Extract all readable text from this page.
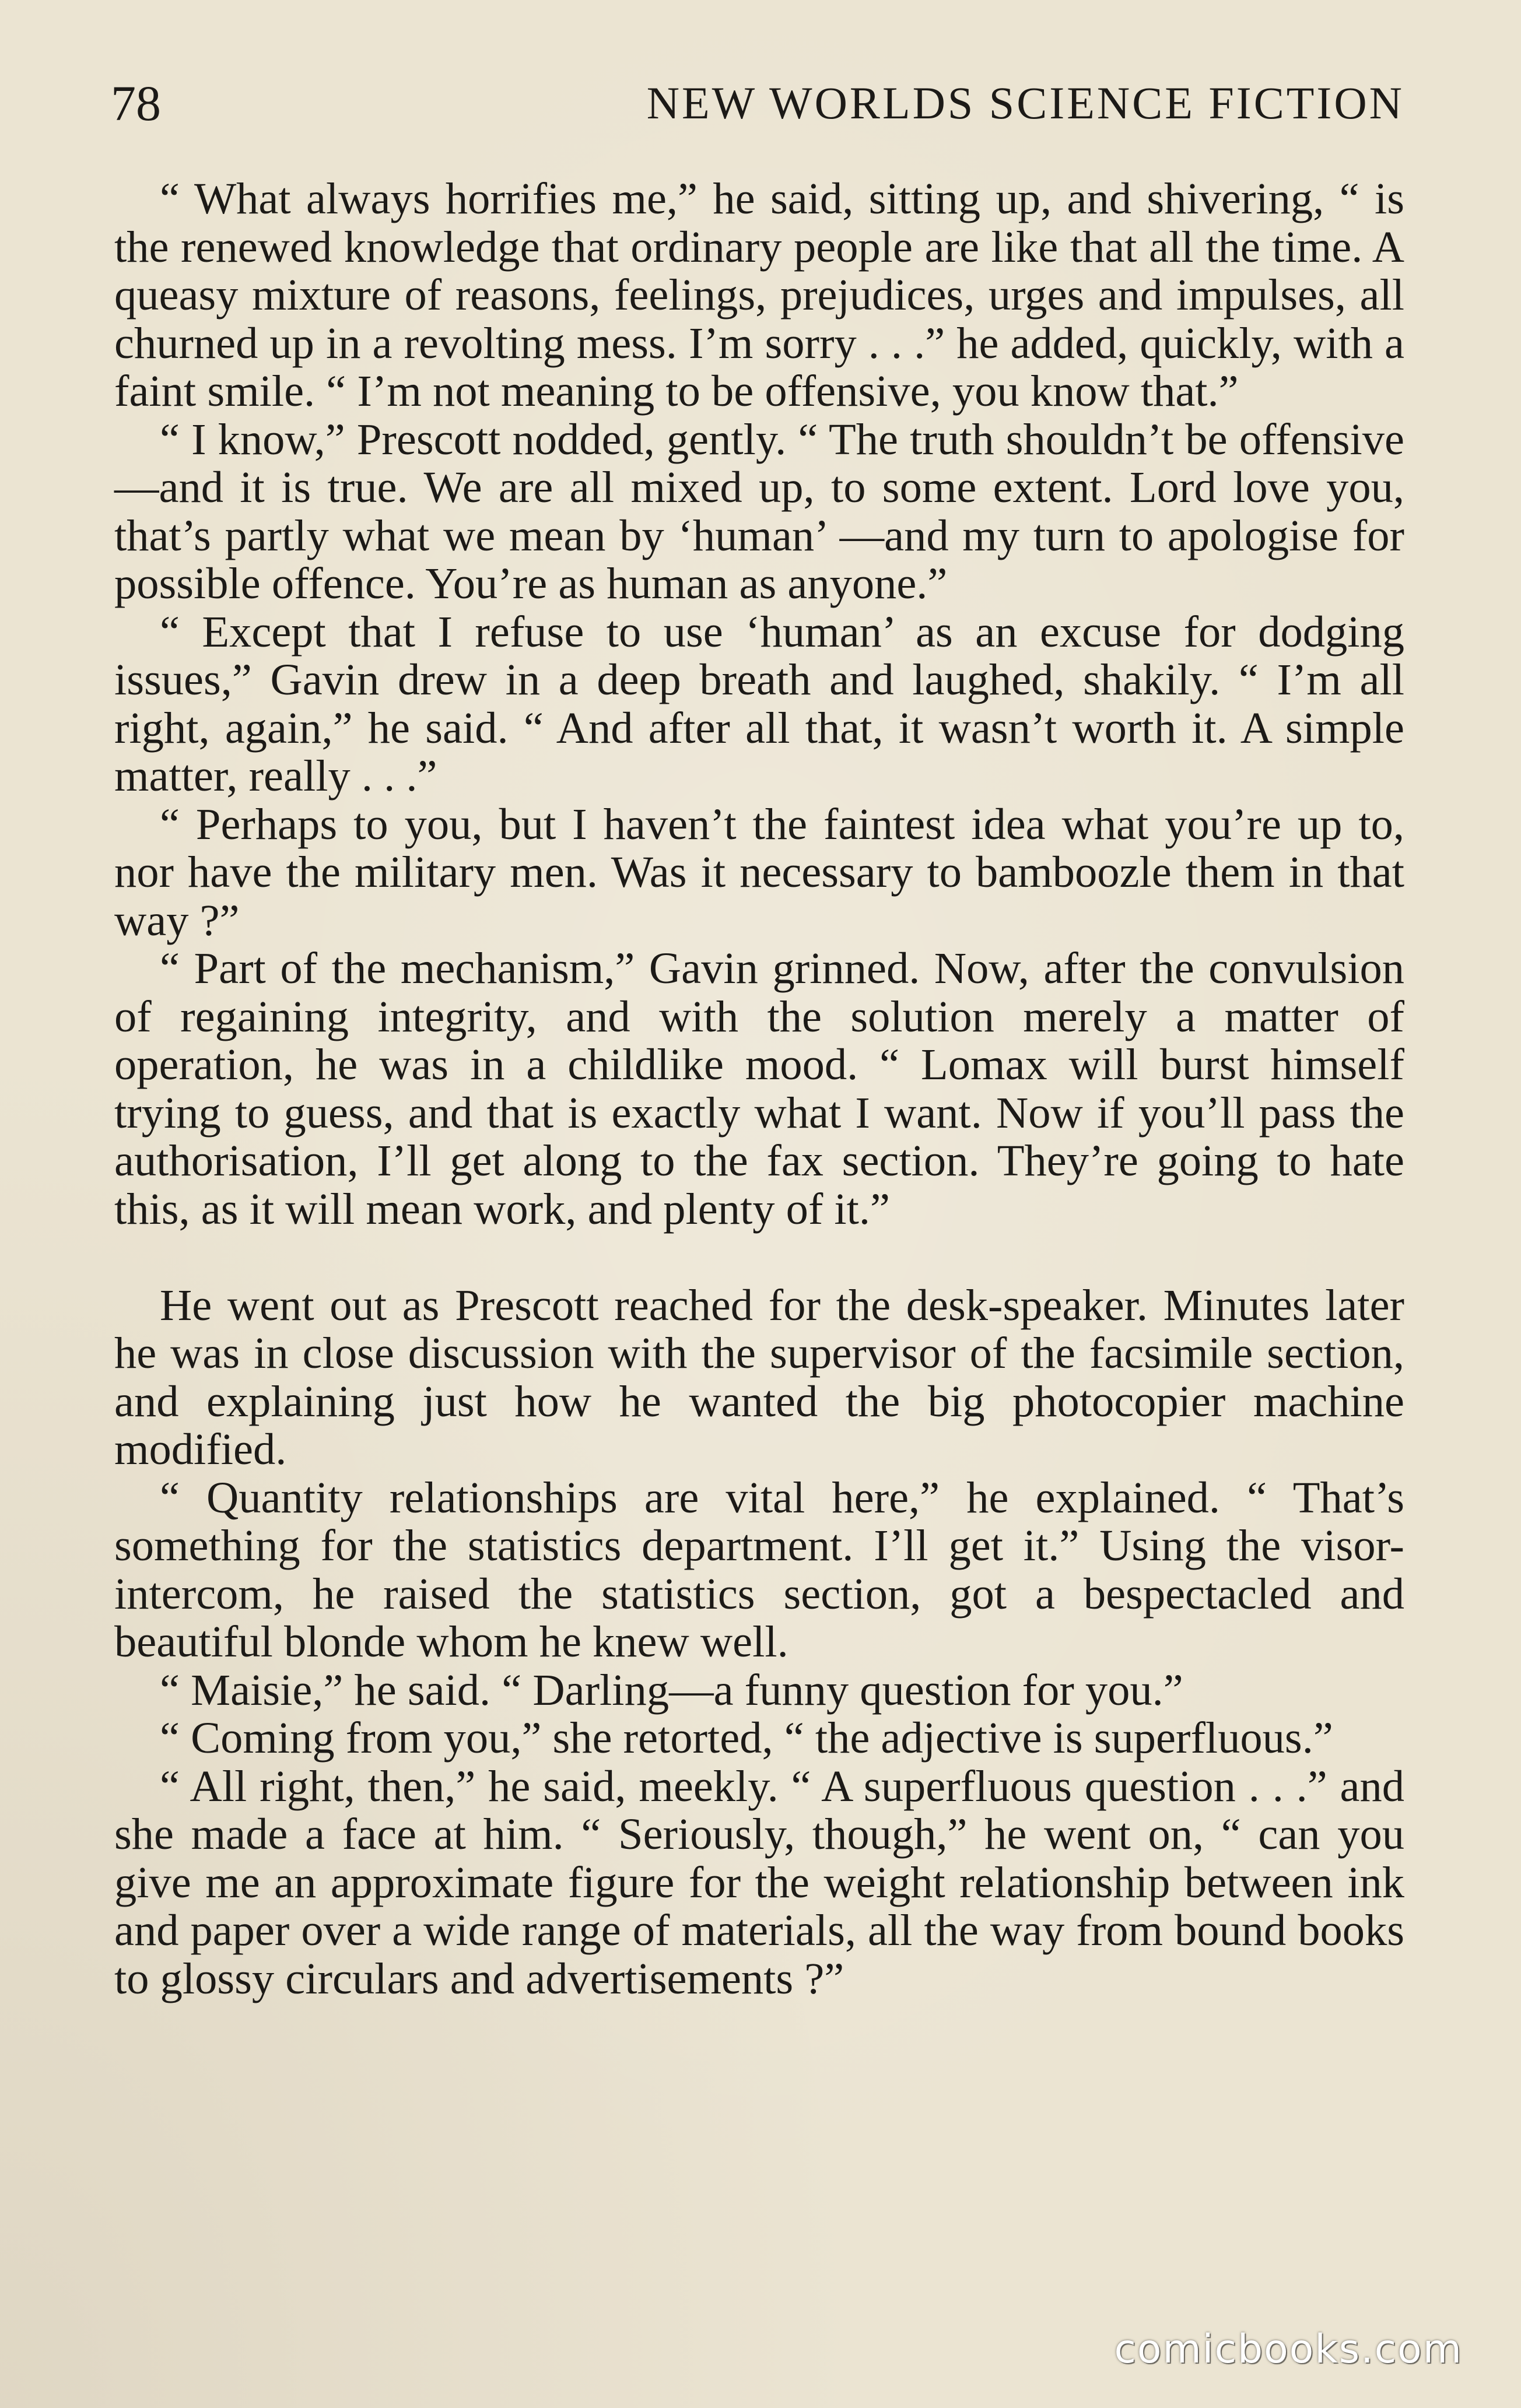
78	NEW WORLDS SCIENCE FICTION

“ What always horrifies me,” he said, sitting up, and shivering, “ is the renewed knowledge that ordinary people are like that all the time. A queasy mixture of reasons, feelings, prejudices, urges and impulses, all churned up in a revolting mess. I’m sorry . . .” he added, quickly, with a faint smile. “ I’m not meaning to be offensive, you know that.”

“ I know,” Prescott nodded, gently. “ The truth shouldn’t be offensive—and it is true. We are all mixed up, to some extent. Lord love you, that’s partly what we mean by ‘human’ —and my turn to apologise for possible offence. You’re as human as anyone.”

“ Except that I refuse to use ‘human’ as an excuse for dodging issues,” Gavin drew in a deep breath and laughed, shakily. “ I’m all right, again,” he said. “ And after all that, it wasn’t worth it. A simple matter, really . . .”

“ Perhaps to you, but I haven’t the faintest idea what you’re up to, nor have the military men. Was it necessary to bamboozle them in that way ?”

“ Part of the mechanism,” Gavin grinned. Now, after the convulsion of regaining integrity, and with the solution merely a matter of operation, he was in a childlike mood. “ Lomax will burst himself trying to guess, and that is exactly what I want. Now if you’ll pass the authorisation, I’ll get along to the fax section. They’re going to hate this, as it will mean work, and plenty of it.”

He went out as Prescott reached for the desk-speaker. Minutes later he was in close discussion with the supervisor of the facsimile section, and explaining just how he wanted the big photocopier machine modified.

“ Quantity relationships are vital here,” he explained. “ That’s something for the statistics department. I’ll get it.” Using the visor-intercom, he raised the statistics section, got a bespectacled and beautiful blonde whom he knew well.

“ Maisie,” he said. “ Darling—a funny question for you.”

“ Coming from you,” she retorted, “ the adjective is superfluous.”

“ All right, then,” he said, meekly. “ A superfluous question . . .” and she made a face at him. “ Seriously, though,” he went on, “ can you give me an approximate figure for the weight relationship between ink and paper over a wide range of materials, all the way from bound books to glossy circulars and advertisements ?”

comicbooks.com
